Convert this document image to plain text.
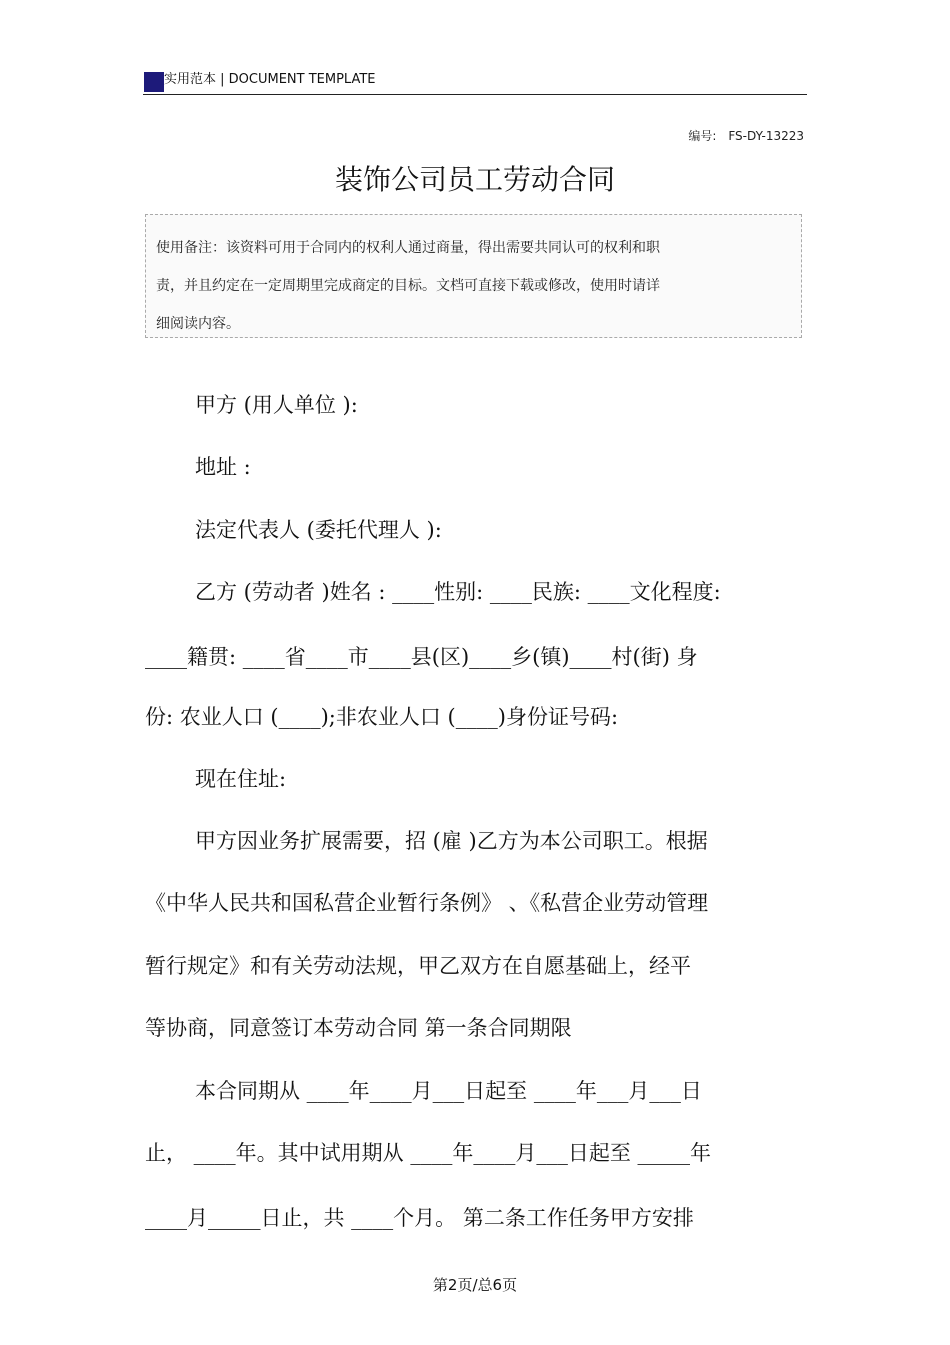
实用范本 | DOCUMENT TEMPLATE
编号: FS-DY-13223
装饰公司员工劳动合同
使用备注：该资料可用于合同内的权利人通过商量，得出需要共同认可的权利和职
责，并且约定在一定周期里完成商定的目标。文档可直接下载或修改，使用时请详
细阅读内容。
甲方 (用人单位 ):
地址 :
法定代表人 (委托代理人 ):
乙方 (劳动者 )姓名 : ____性别: ____民族: ____文化程度:
____籍贯: ____省____市____县(区)____乡(镇)____村(街) 身
份: 农业人口 (____);非农业人口 (____)身份证号码:
现在住址:
甲方因业务扩展需要，招 (雇 )乙方为本公司职工。根据
《中华人民共和国私营企业暂行条例》 、《私营企业劳动管理
暂行规定》和有关劳动法规，甲乙双方在自愿基础上，经平
等协商，同意签订本劳动合同 第一条合同期限
本合同期从 ____年____月___日起至 ____年___月___日
止， ____年。其中试用期从 ____年____月___日起至 _____年
____月_____日止，共 ____个月。 第二条工作任务甲方安排
第2页/总6页
